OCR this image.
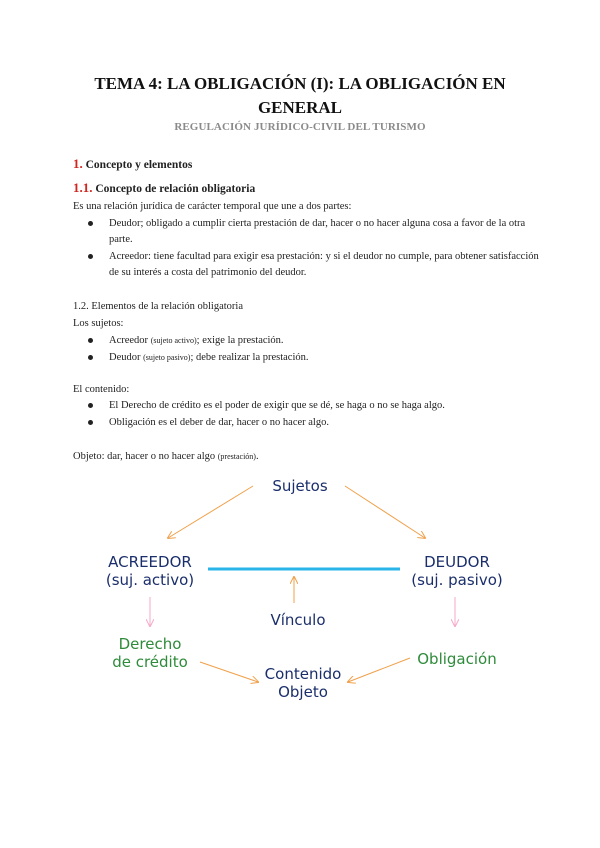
TEMA 4: LA OBLIGACIÓN (I): LA OBLIGACIÓN EN
GENERAL
REGULACIÓN JURÍDICO-CIVIL DEL TURISMO
1. Concepto y elementos
1.1. Concepto de relación obligatoria
Es una relación jurídica de carácter temporal que une a dos partes:
Deudor; obligado a cumplir cierta prestación de dar, hacer o no hacer alguna cosa a favor de la otra parte.
Acreedor: tiene facultad para exigir esa prestación: y si el deudor no cumple, para obtener satisfacción de su interés a costa del patrimonio del deudor.
1.2. Elementos de la relación obligatoria
Los sujetos:
Acreedor (sujeto activo); exige la prestación.
Deudor (sujeto pasivo); debe realizar la prestación.
El contenido:
El Derecho de crédito es el poder de exigir que se dé, se haga o no se haga algo.
Obligación es el deber de dar, hacer o no hacer algo.
Objeto: dar, hacer o no hacer algo (prestación).
Sujetos
ACREEDOR
(suj. activo)
DEUDOR
(suj. pasivo)
Vínculo
Derecho
de crédito	Obligación
Contenido
Objeto
